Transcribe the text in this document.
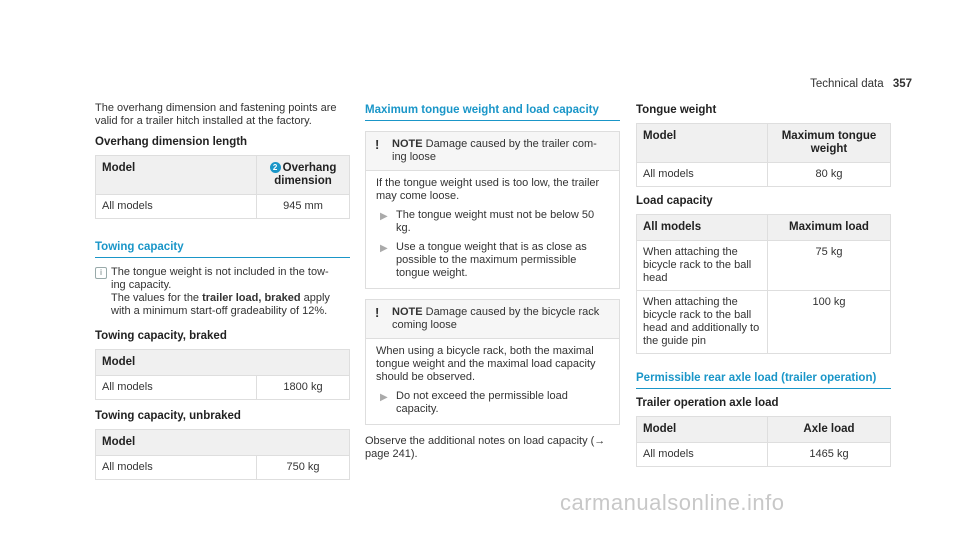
Technical data 357
The overhang dimension and fastening points are valid for a trailer hitch installed at the factory.
Overhang dimension length
Model	2 Overhang dimension
All models	945 mm
Towing capacity
i The tongue weight is not included in the tow-
ing capacity.
The values for the trailer load, braked apply
with a minimum start-off gradeability of 12%.
Towing capacity, braked
Model
All models	1800 kg
Towing capacity, unbraked
Model
All models	750 kg
Maximum tongue weight and load capacity
! NOTE Damage caused by the trailer com-ing loose
If the tongue weight used is too low, the trailer may come loose.
▶ The tongue weight must not be below 50 kg.
▶ Use a tongue weight that is as close as possible to the maximum permissible tongue weight.
! NOTE Damage caused by the bicycle rack coming loose
When using a bicycle rack, both the maximal tongue weight and the maximal load capacity should be observed.
▶ Do not exceed the permissible load capacity.
Observe the additional notes on load capacity (→ page 241).
Tongue weight
Model	Maximum tongue weight
All models	80 kg
Load capacity
All models	Maximum load
When attaching the bicycle rack to the ball head	75 kg
When attaching the bicycle rack to the ball head and additionally to the guide pin	100 kg
Permissible rear axle load (trailer operation)
Trailer operation axle load
Model	Axle load
All models	1465 kg
carmanualsonline.info
